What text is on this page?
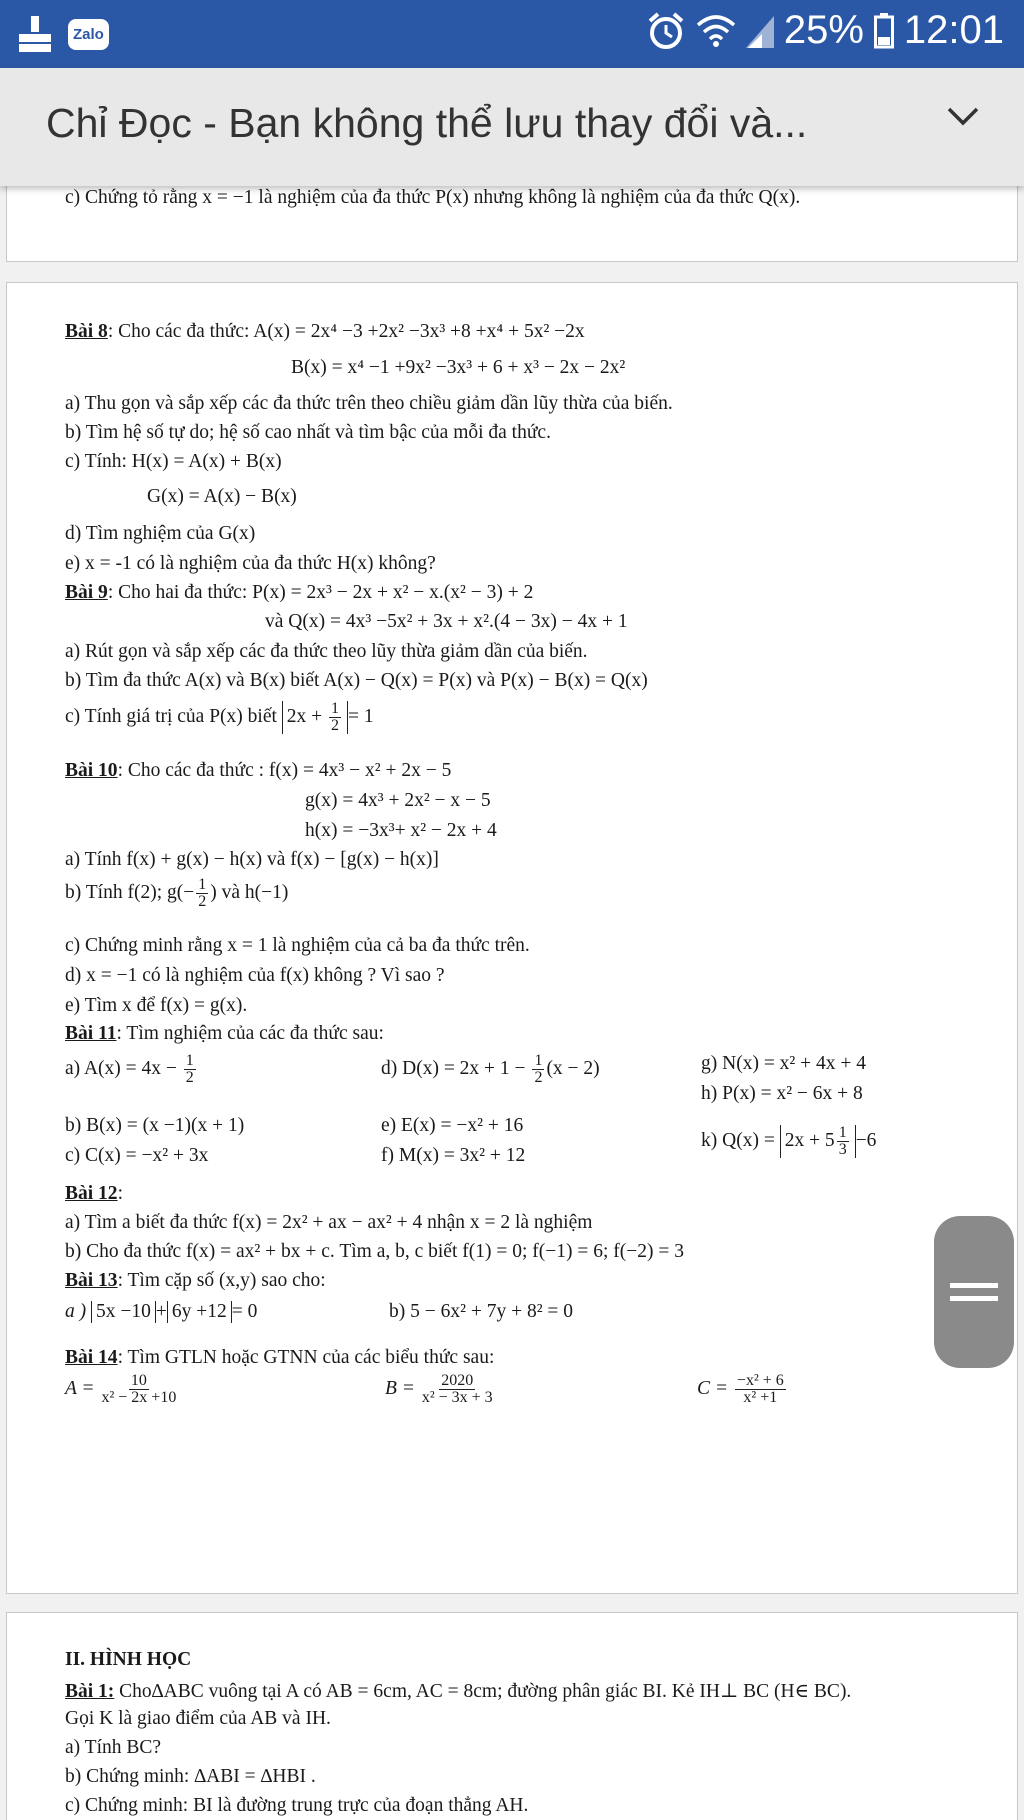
Zalo	25% 12:01
Chỉ Đọc - Bạn không thể lưu thay đổi và...
c) Chứng tỏ rằng x = −1 là nghiệm của đa thức P(x) nhưng không là nghiệm của đa thức Q(x).
Bài 8: Cho các đa thức: A(x) = 2x⁴ −3 +2x² −3x³ +8 +x⁴ + 5x² −2x
B(x) = x⁴ −1 +9x² −3x³ + 6 + x³ − 2x − 2x²
a) Thu gọn và sắp xếp các đa thức trên theo chiều giảm dần lũy thừa của biến.
b) Tìm hệ số tự do; hệ số cao nhất và tìm bậc của mỗi đa thức.
c) Tính: H(x) = A(x) + B(x)
G(x) = A(x) − B(x)
d) Tìm nghiệm của G(x)
e) x = -1 có là nghiệm của đa thức H(x) không?
Bài 9: Cho hai đa thức: P(x) = 2x³ − 2x + x² − x.(x² − 3) + 2
và Q(x) = 4x³ −5x² + 3x + x².(4 − 3x) − 4x + 1
a) Rút gọn và sắp xếp các đa thức theo lũy thừa giảm dần của biến.
b) Tìm đa thức A(x) và B(x) biết A(x) − Q(x) = P(x) và P(x) − B(x) = Q(x)
c) Tính giá trị của P(x) biết $2x + \frac{1}{2} = 1$
Bài 10: Cho các đa thức : f(x) = 4x³ − x² + 2x − 5
g(x) = 4x³ + 2x² − x − 5
h(x) = −3x³+ x² − 2x + 4
a) Tính f(x) + g(x) − h(x) và f(x) − [g(x) − h(x)]
b) Tính f(2); $g(- \frac{1}{2}$ ) và h(−1)
c) Chứng minh rằng x = 1 là nghiệm của cả ba đa thức trên.
d) x = −1 có là nghiệm của f(x) không ? Vì sao ?
e) Tìm x để f(x) = g(x).
Bài 11: Tìm nghiệm của các đa thức sau:
a) $A(x) = 4x - \frac{1}{2}$	d) $D(x) = 2x + 1 - \frac{1}{2} (x - 2)$	g) N(x) = x² + 4x + 4
h) P(x) = x² − 6x + 8
b) B(x) = (x −1)(x + 1)	e) E(x) = −x² + 16
c) C(x) = −x² + 3x	f) M(x) = 3x² + 12
k) $Q(x) = 2x + 5 \frac{1}{3} -6$
Bài 12:
a) Tìm a biết đa thức f(x) = 2x² + ax − ax² + 4 nhận x = 2 là nghiệm
b) Cho đa thức f(x) = ax² + bx + c. Tìm a, b, c biết f(1) = 0; f(−1) = 6; f(−2) = 3
Bài 13: Tìm cặp số (x,y) sao cho:
a ) 5x −10 + 6y +12 = 0	b) 5 − 6x² + 7y + 8² = 0
Bài 14: Tìm GTLN hoặc GTNN của các biểu thức sau:
$A = \frac{10}{\text{x² − 2x +10}}$	$B = \frac{2020}{\text{x² − 3x + 3}}$	$C = \frac{\text{−x² + 6}}{\text{x² +1}}$
II. HÌNH HỌC
Bài 1: Cho∆ABC vuông tại A có AB = 6cm, AC = 8cm; đường phân giác BI. Kẻ IH⊥ BC (H∈ BC).
Gọi K là giao điểm của AB và IH.
a) Tính BC?
b) Chứng minh: ∆ABI = ∆HBI .
c) Chứng minh: BI là đường trung trực của đoạn thẳng AH.
